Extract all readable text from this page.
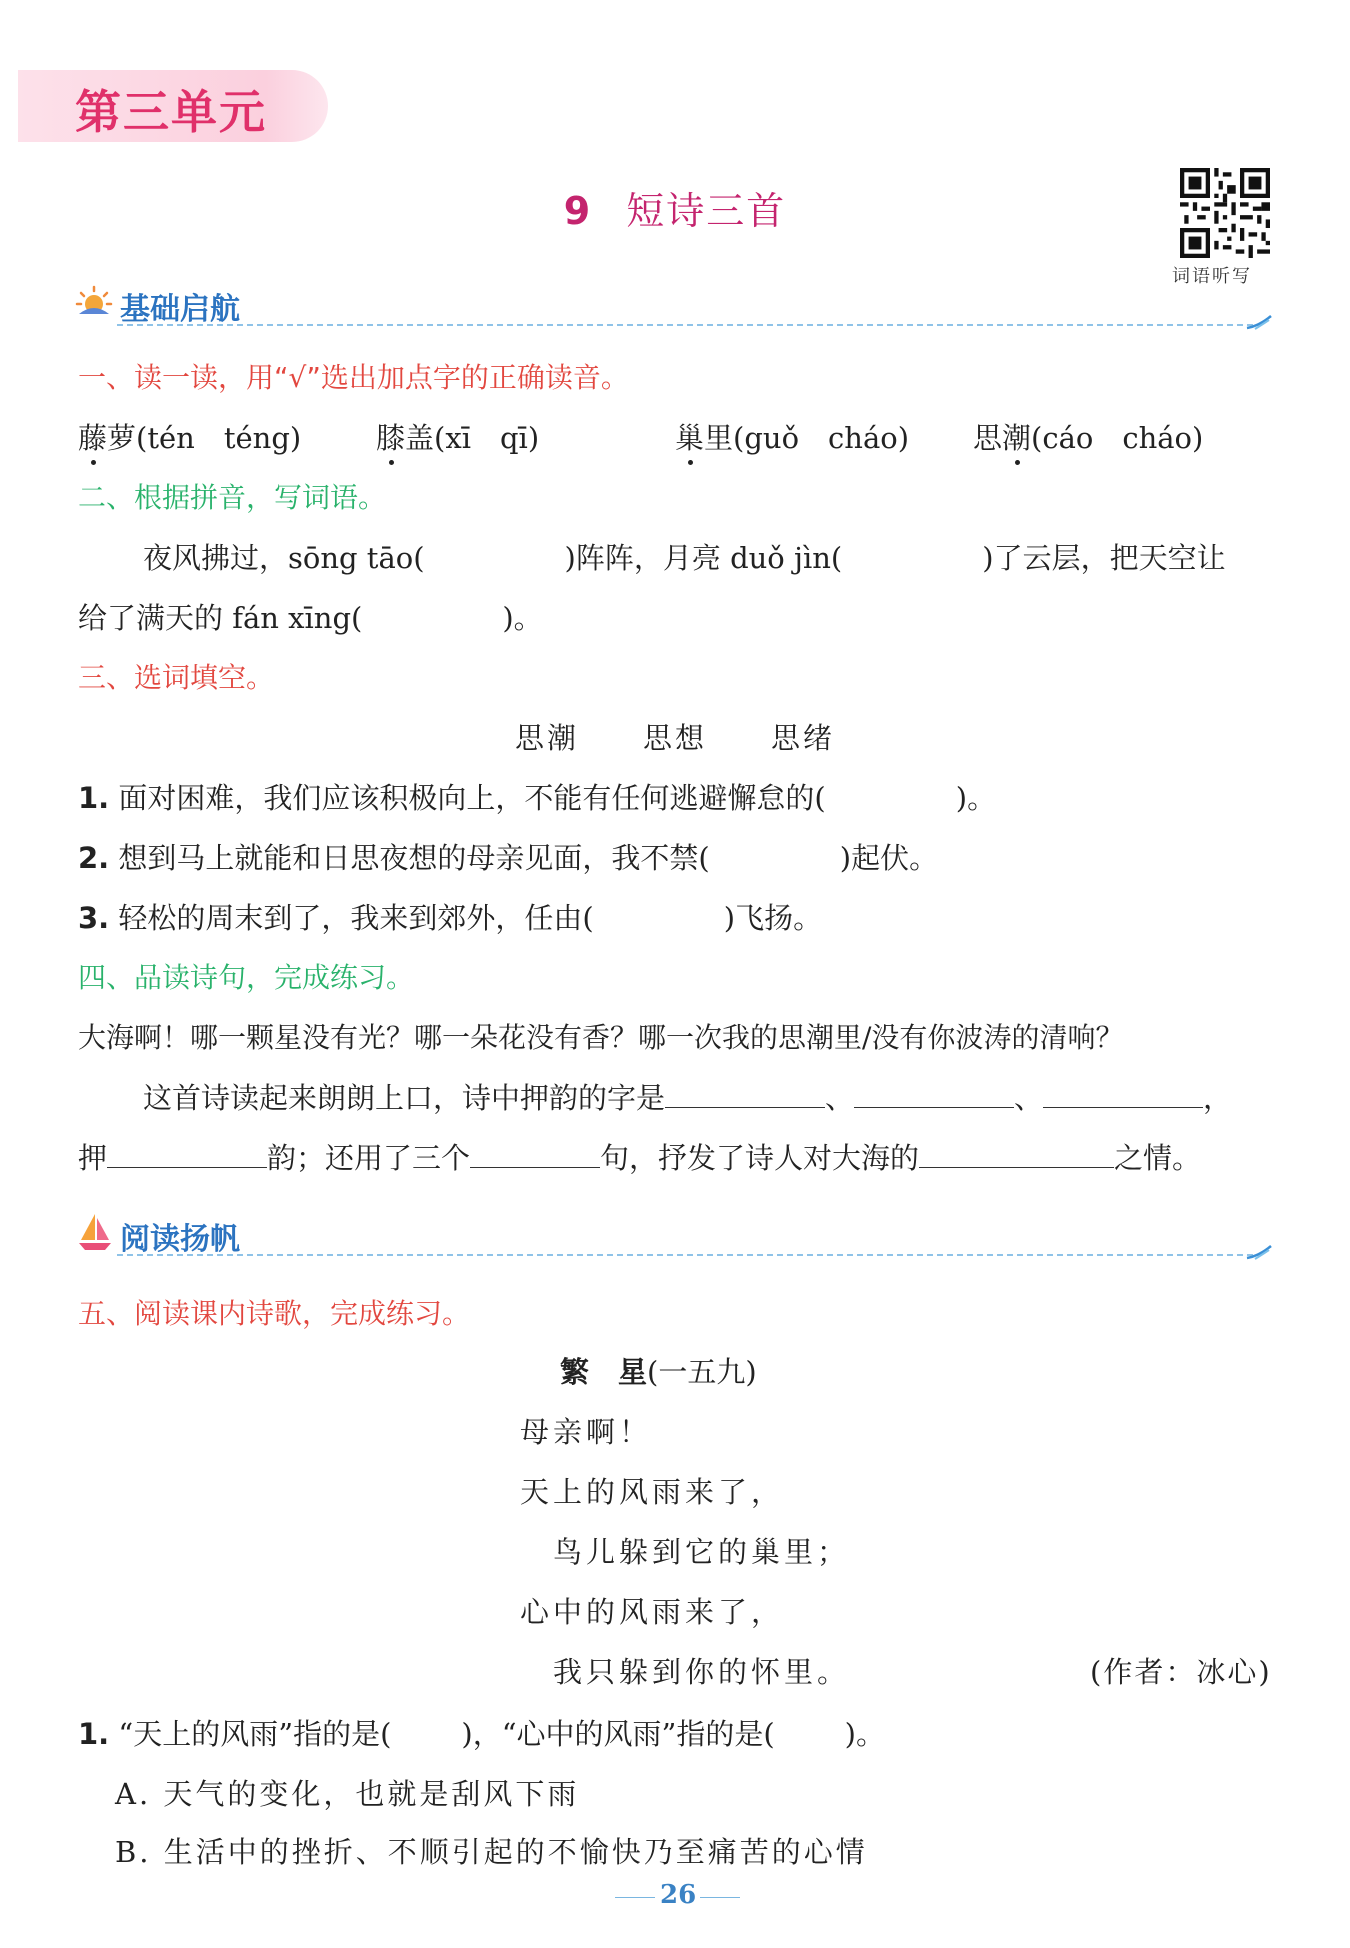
第三单元
9 短诗三首
词语听写
基础启航
一、读一读，用“√”选出加点字的正确读音。
藤萝(tén　téng)	膝盖(xī　qī)	巢里(guǒ　cháo) 思潮(cáo　cháo)
二、根据拼音，写词语。
夜风拂过，sōng tāo(	)阵阵，月亮 duǒ jìn(	)了云层，把天空让
给了满天的 fán xīng(	)。
三、选词填空。
思潮 思想 思绪
1. 面对困难，我们应该积极向上，不能有任何逃避懈怠的(	)。
2. 想到马上就能和日思夜想的母亲见面，我不禁(	)起伏。
3. 轻松的周末到了，我来到郊外，任由(	)飞扬。
四、品读诗句，完成练习。
大海啊！哪一颗星没有光？哪一朵花没有香？哪一次我的思潮里/没有你波涛的清响？
这首诗读起来朗朗上口，诗中押韵的字是	、	、	，
押	韵；还用了三个	句，抒发了诗人对大海的	之情。
阅读扬帆
五、阅读课内诗歌，完成练习。
繁　星(一五九)
母亲啊！
天上的风雨来了，
鸟儿躲到它的巢里；
心中的风雨来了，
我只躲到你的怀里。	(作者：冰心)
1. “天上的风雨”指的是( )，“心中的风雨”指的是( )。
A. 天气的变化，也就是刮风下雨
B. 生活中的挫折、不顺引起的不愉快乃至痛苦的心情
26
